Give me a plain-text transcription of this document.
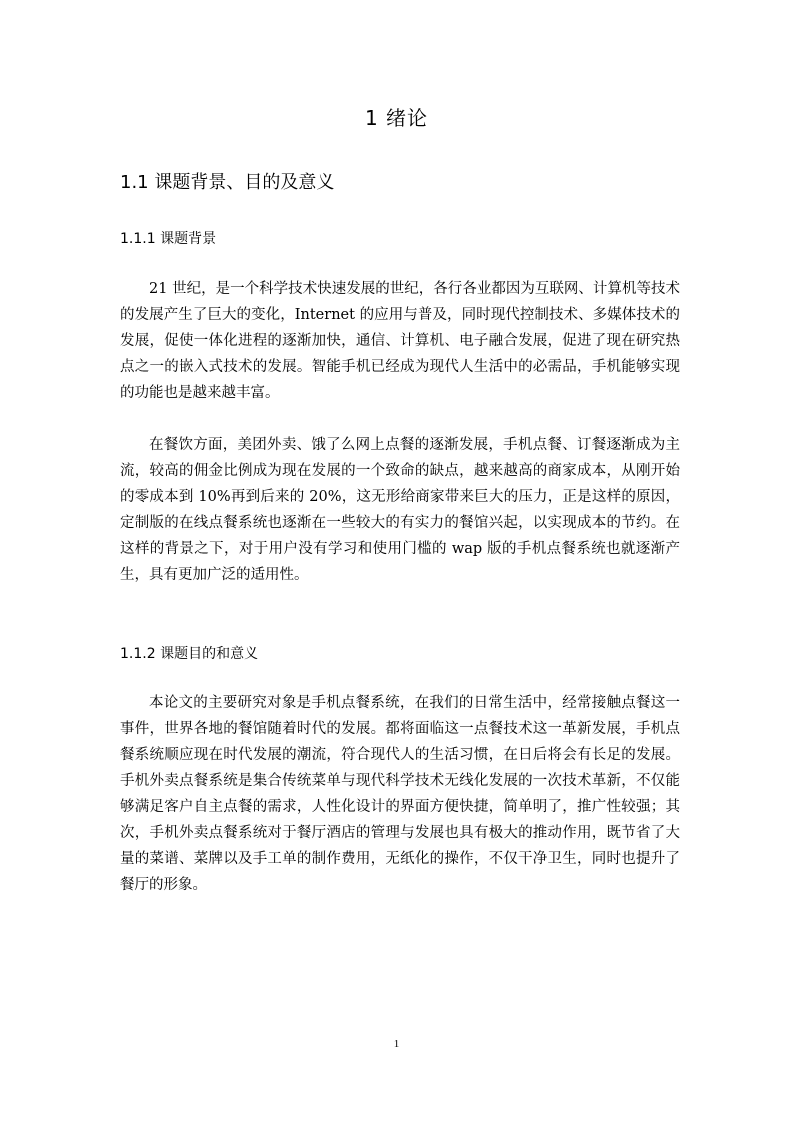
1 绪论
1.1 课题背景、目的及意义
1.1.1 课题背景

21 世纪，是一个科学技术快速发展的世纪，各行各业都因为互联网、计算机等技术的发展产生了巨大的变化，Internet 的应用与普及，同时现代控制技术、多媒体技术的发展，促使一体化进程的逐渐加快，通信、计算机、电子融合发展，促进了现在研究热点之一的嵌入式技术的发展。智能手机已经成为现代人生活中的必需品，手机能够实现的功能也是越来越丰富。

在餐饮方面，美团外卖、饿了么网上点餐的逐渐发展，手机点餐、订餐逐渐成为主流，较高的佣金比例成为现在发展的一个致命的缺点，越来越高的商家成本，从刚开始的零成本到 10%再到后来的 20%，这无形给商家带来巨大的压力，正是这样的原因，定制版的在线点餐系统也逐渐在一些较大的有实力的餐馆兴起，以实现成本的节约。在这样的背景之下，对于用户没有学习和使用门槛的 wap 版的手机点餐系统也就逐渐产生，具有更加广泛的适用性。

1.1.2 课题目的和意义

本论文的主要研究对象是手机点餐系统，在我们的日常生活中，经常接触点餐这一事件，世界各地的餐馆随着时代的发展。都将面临这一点餐技术这一革新发展，手机点餐系统顺应现在时代发展的潮流，符合现代人的生活习惯，在日后将会有长足的发展。手机外卖点餐系统是集合传统菜单与现代科学技术无线化发展的一次技术革新，不仅能够满足客户自主点餐的需求，人性化设计的界面方便快捷，简单明了，推广性较强；其次，手机外卖点餐系统对于餐厅酒店的管理与发展也具有极大的推动作用，既节省了大量的菜谱、菜牌以及手工单的制作费用，无纸化的操作，不仅干净卫生，同时也提升了餐厅的形象。

1
